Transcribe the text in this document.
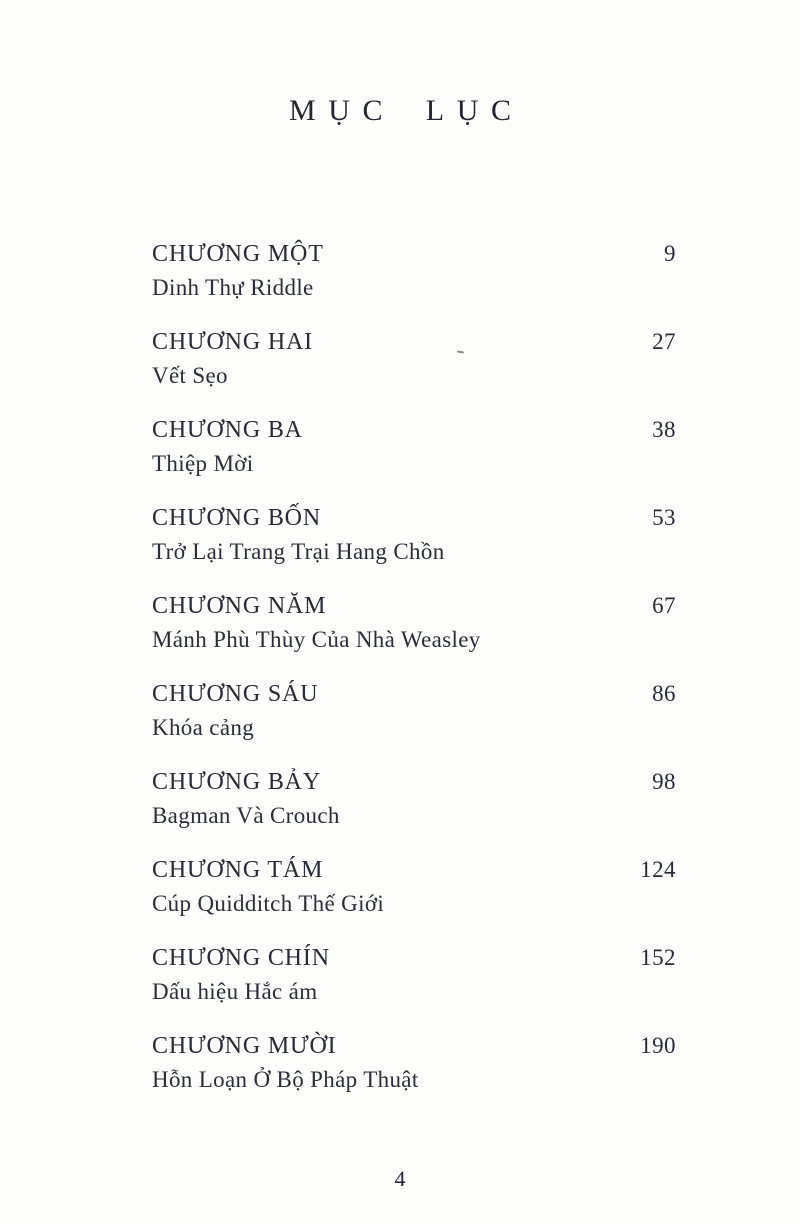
MỤC LỤC
CHƯƠNG MỘT	9
Dinh Thự Riddle
CHƯƠNG HAI	27
Vết Sẹo
CHƯƠNG BA	38
Thiệp Mời
CHƯƠNG BỐN	53
Trở Lại Trang Trại Hang Chồn
CHƯƠNG NĂM	67
Mánh Phù Thùy Của Nhà Weasley
CHƯƠNG SÁU	86
Khóa cảng
CHƯƠNG BẢY	98
Bagman Và Crouch
CHƯƠNG TÁM	124
Cúp Quidditch Thế Giới
CHƯƠNG CHÍN	152
Dấu hiệu Hắc ám
CHƯƠNG MƯỜI	190
Hỗn Loạn Ở Bộ Pháp Thuật
4
